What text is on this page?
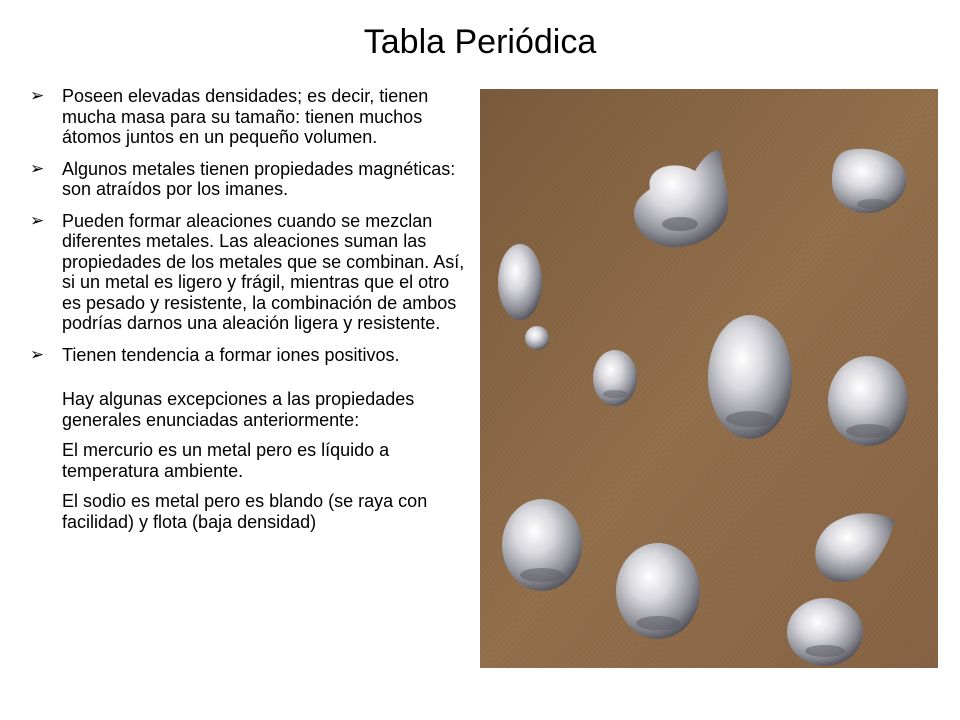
Tabla Periódica
➢ Poseen elevadas densidades; es decir, tienen mucha masa para su tamaño: tienen muchos átomos juntos en un pequeño volumen.
➢ Algunos metales tienen propiedades magnéticas: son atraídos por los imanes.
➢ Pueden formar aleaciones cuando se mezclan diferentes metales. Las aleaciones suman las propiedades de los metales que se combinan. Así, si un metal es ligero y frágil, mientras que el otro es pesado y resistente, la combinación de ambos podrías darnos una aleación ligera y resistente.
➢ Tienen tendencia a formar iones positivos.
Hay algunas excepciones a las propiedades generales enunciadas anteriormente:
El mercurio es un metal pero es líquido a temperatura ambiente.
El sodio es metal pero es blando (se raya con facilidad) y flota (baja densidad)
